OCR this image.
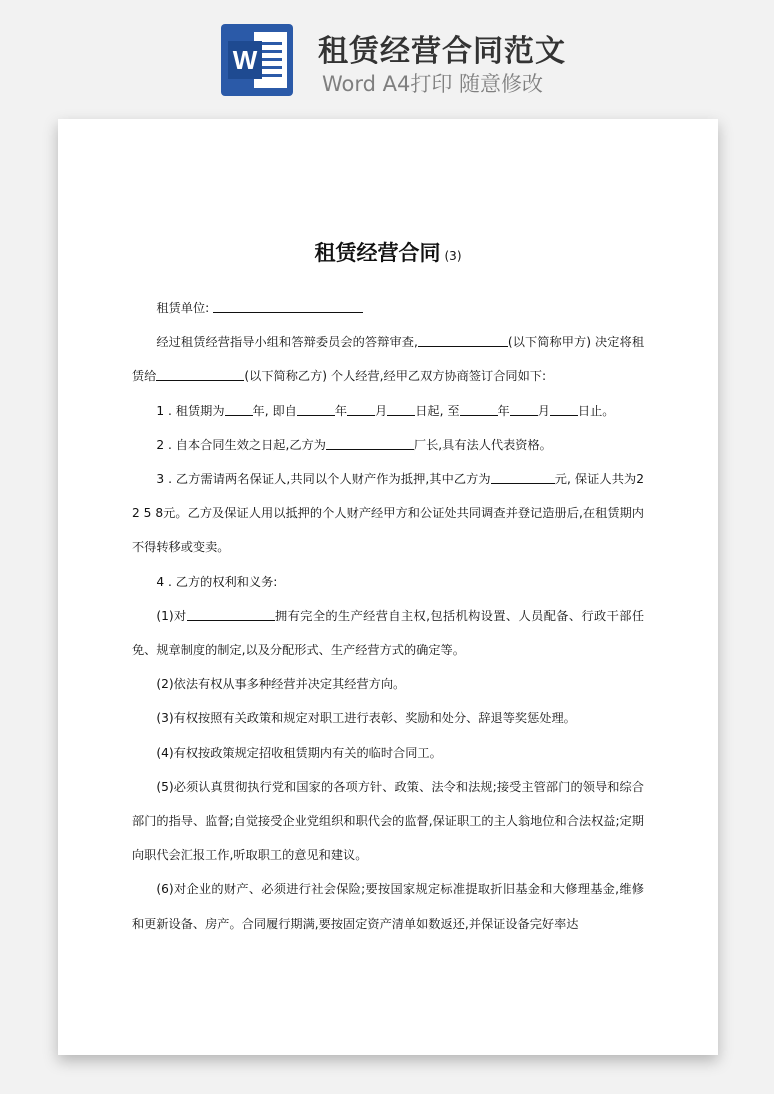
W 租赁经营合同范文
Word A4打印 随意修改
租赁经营合同 (3)

租赁单位:

经过租赁经营指导小组和答辩委员会的答辩审查,	(以下简称甲方) 决定将租赁给	(以下简称乙方) 个人经营,经甲乙双方协商签订合同如下:

1 . 租赁期为 年, 即自	年 月 日起, 至	年 月 日止。

2 . 自本合同生效之日起,乙方为	厂长,具有法人代表资格。

3 . 乙方需请两名保证人,共同以个人财产作为抵押,其中乙方为	元, 保证人共为2 2 5 8元。乙方及保证人用以抵押的个人财产经甲方和公证处共同调查并登记造册后,在租赁期内不得转移或变卖。

4 . 乙方的权利和义务:

(1)对	拥有完全的生产经营自主权,包括机构设置、人员配备、行政干部任免、规章制度的制定,以及分配形式、生产经营方式的确定等。

(2)依法有权从事多种经营并决定其经营方向。

(3)有权按照有关政策和规定对职工进行表彰、奖励和处分、辞退等奖惩处理。

(4)有权按政策规定招收租赁期内有关的临时合同工。

(5)必须认真贯彻执行党和国家的各项方针、政策、法令和法规;接受主管部门的领导和综合部门的指导、监督;自觉接受企业党组织和职代会的监督,保证职工的主人翁地位和合法权益;定期向职代会汇报工作,听取职工的意见和建议。

(6)对企业的财产、必须进行社会保险;要按国家规定标准提取折旧基金和大修理基金,维修和更新设备、房产。合同履行期满,要按固定资产清单如数返还,并保证设备完好率达
